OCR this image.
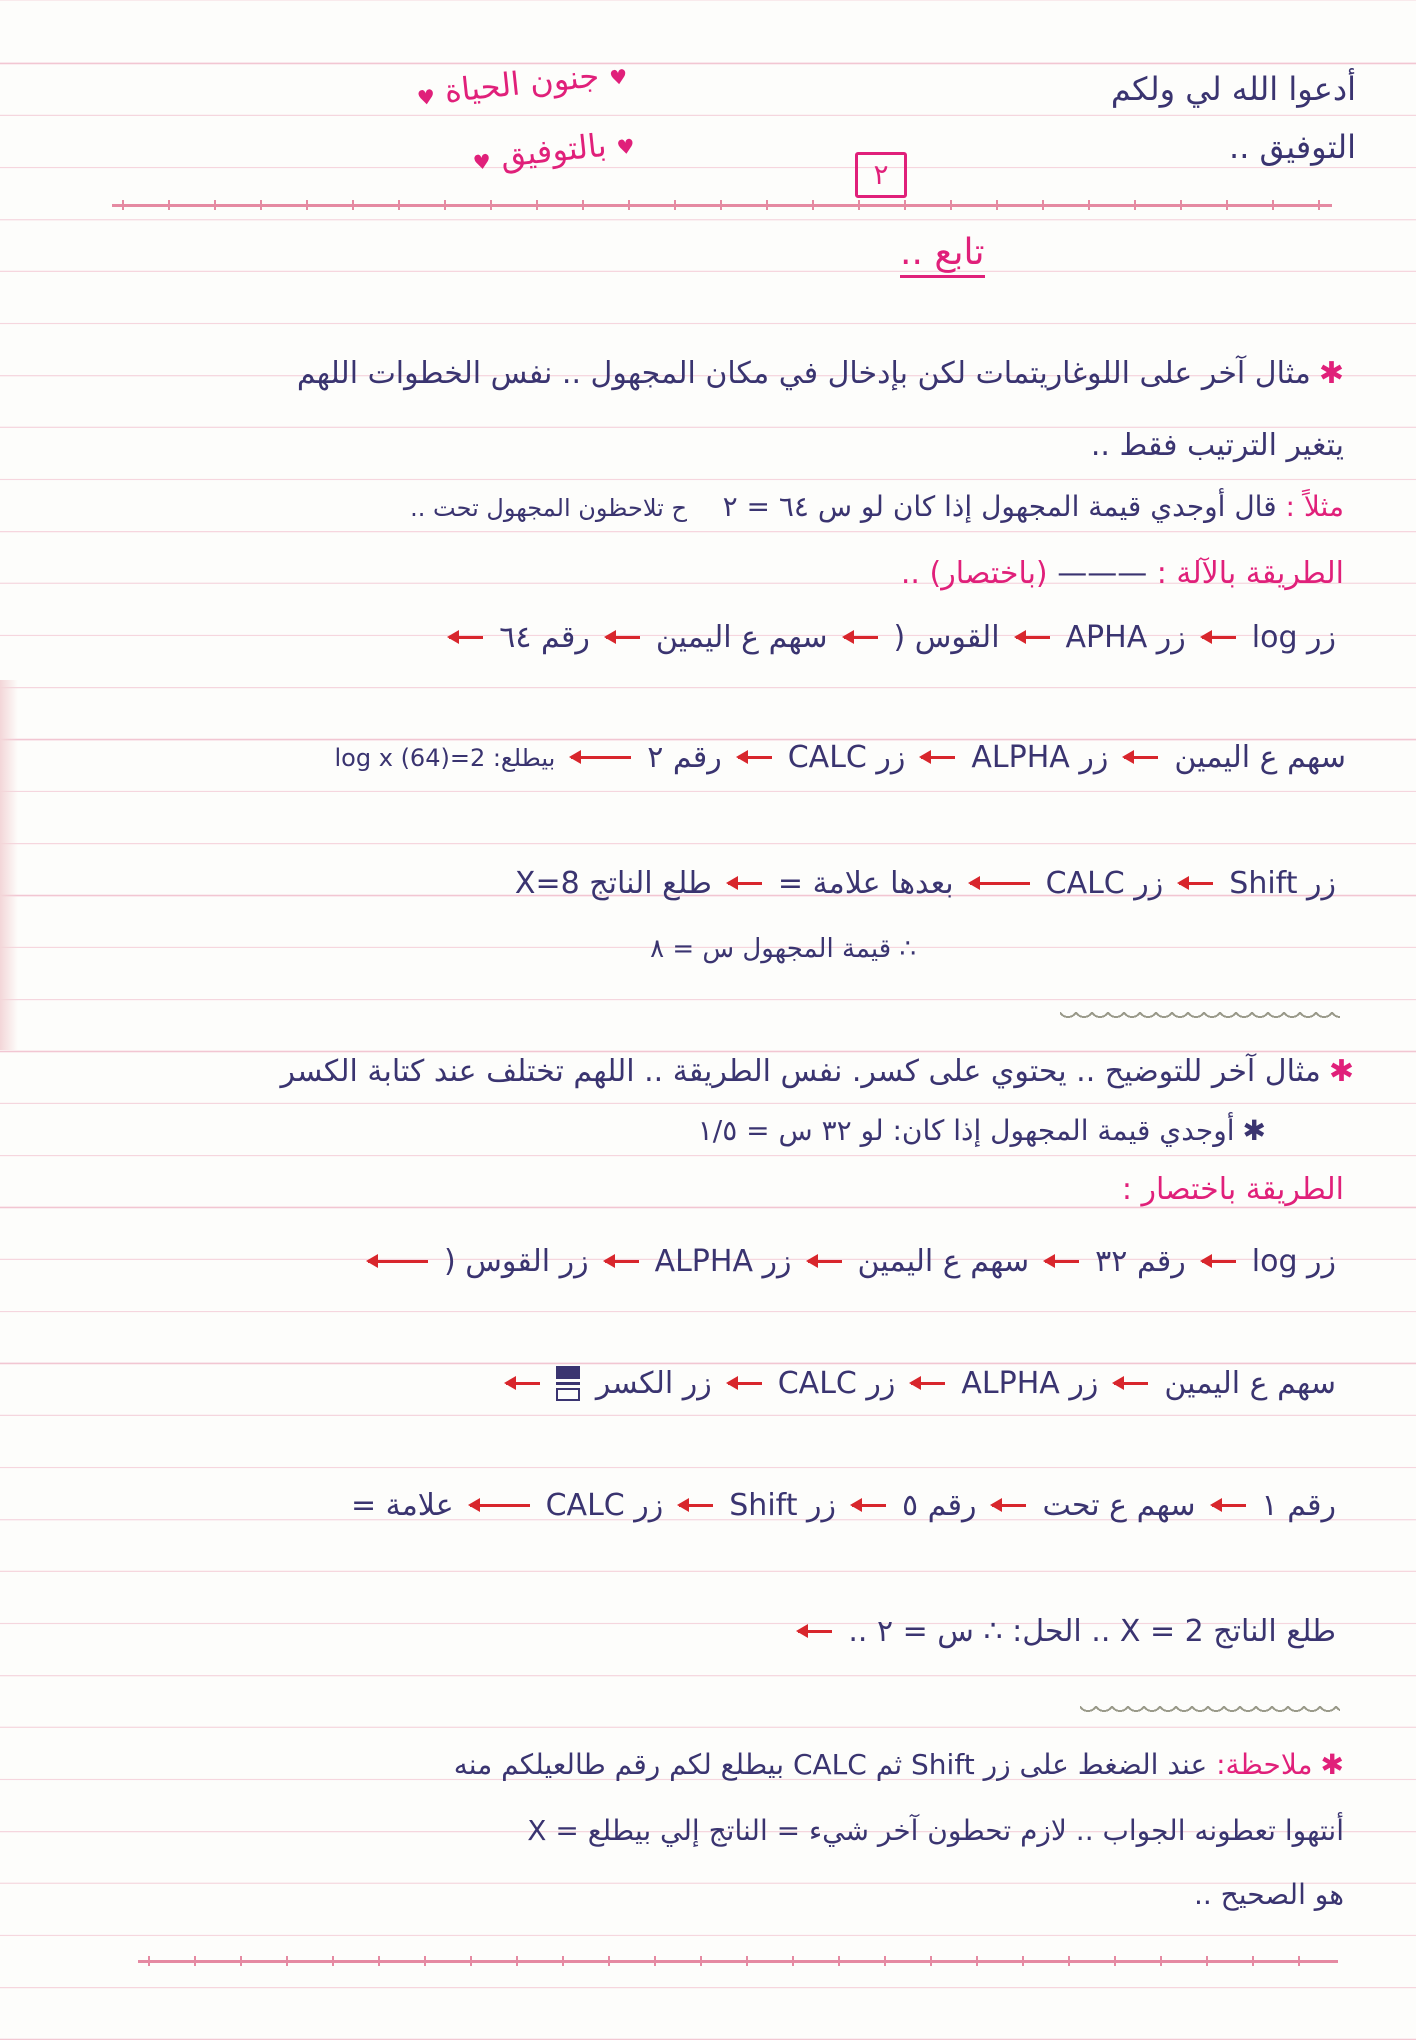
أدعوا الله لي ولكم
التوفيق ..
♥ جنون الحياة ♥
♥ بالتوفيق ♥	٢
تابع ..
✱مثال آخر على اللوغاريتمات لكن بإدخال في مكان المجهول .. نفس الخطوات اللهم
يتغير الترتيب فقط ..
مثلاً : قال أوجدي قيمة المجهول إذا كان لو س ٦٤ = ٢    ح تلاحظون المجهول تحت ..
الطريقة بالآلة : ——— (باختصار) ..
زر log
زر APHA
القوس (
سهم ع اليمين
رقم ٦٤
سهم ع اليمين
زر ALPHA
زر CALC
رقم ٢
بيطلع: log x (64)=2
زر Shift
زر CALC
بعدها علامة =
طلع الناتج X=8
∴ قيمة المجهول س = ٨
✱مثال آخر للتوضيح .. يحتوي على كسر. نفس الطريقة .. اللهم تختلف عند كتابة الكسر
✱أوجدي قيمة المجهول إذا كان: لو ٣٢ س = ١/٥
الطريقة باختصار :
زر log
رقم ٣٢
سهم ع اليمين
زر ALPHA
زر القوس (
سهم ع اليمين
زر ALPHA
زر CALC
زر الكسر
رقم ١
سهم ع تحت
رقم ٥
زر Shift
زر CALC
علامة =
طلع الناتج X = 2 .. الحل: ∴ س = ٢ ..
✱ملاحظة: عند الضغط على زر Shift ثم CALC بيطلع لكم رقم طالعيلكم منه
أنتهوا تعطونه الجواب .. لازم تحطون آخر شيء = الناتج إلي بيطلع = X
هو الصحيح ..
